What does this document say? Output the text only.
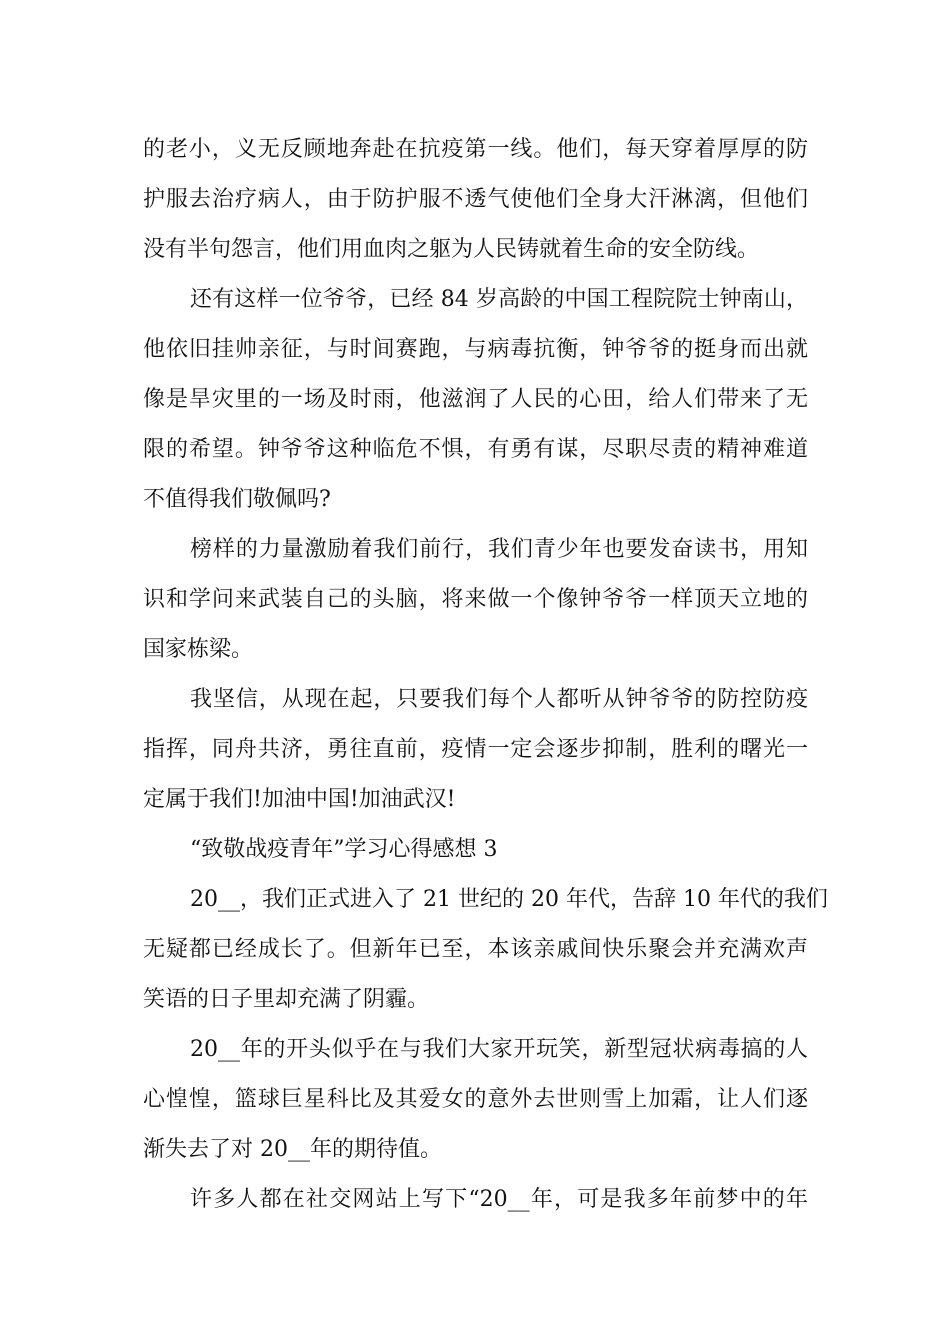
的老小，义无反顾地奔赴在抗疫第一线。他们，每天穿着厚厚的防
护服去治疗病人，由于防护服不透气使他们全身大汗淋漓，但他们
没有半句怨言，他们用血肉之躯为人民铸就着生命的安全防线。
还有这样一位爷爷，已经 84 岁高龄的中国工程院院士钟南山，
他依旧挂帅亲征，与时间赛跑，与病毒抗衡，钟爷爷的挺身而出就
像是旱灾里的一场及时雨，他滋润了人民的心田，给人们带来了无
限的希望。钟爷爷这种临危不惧，有勇有谋，尽职尽责的精神难道
不值得我们敬佩吗?
榜样的力量激励着我们前行，我们青少年也要发奋读书，用知
识和学问来武装自己的头脑，将来做一个像钟爷爷一样顶天立地的
国家栋梁。
我坚信，从现在起，只要我们每个人都听从钟爷爷的防控防疫
指挥，同舟共济，勇往直前，疫情一定会逐步抑制，胜利的曙光一
定属于我们!加油中国!加油武汉!
“致敬战疫青年”学习心得感想 3
20__，我们正式进入了 21 世纪的 20 年代，告辞 10 年代的我们
无疑都已经成长了。但新年已至，本该亲戚间快乐聚会并充满欢声
笑语的日子里却充满了阴霾。
20__年的开头似乎在与我们大家开玩笑，新型冠状病毒搞的人
心惶惶，篮球巨星科比及其爱女的意外去世则雪上加霜，让人们逐
渐失去了对 20__年的期待值。
许多人都在社交网站上写下“20__年，可是我多年前梦中的年
